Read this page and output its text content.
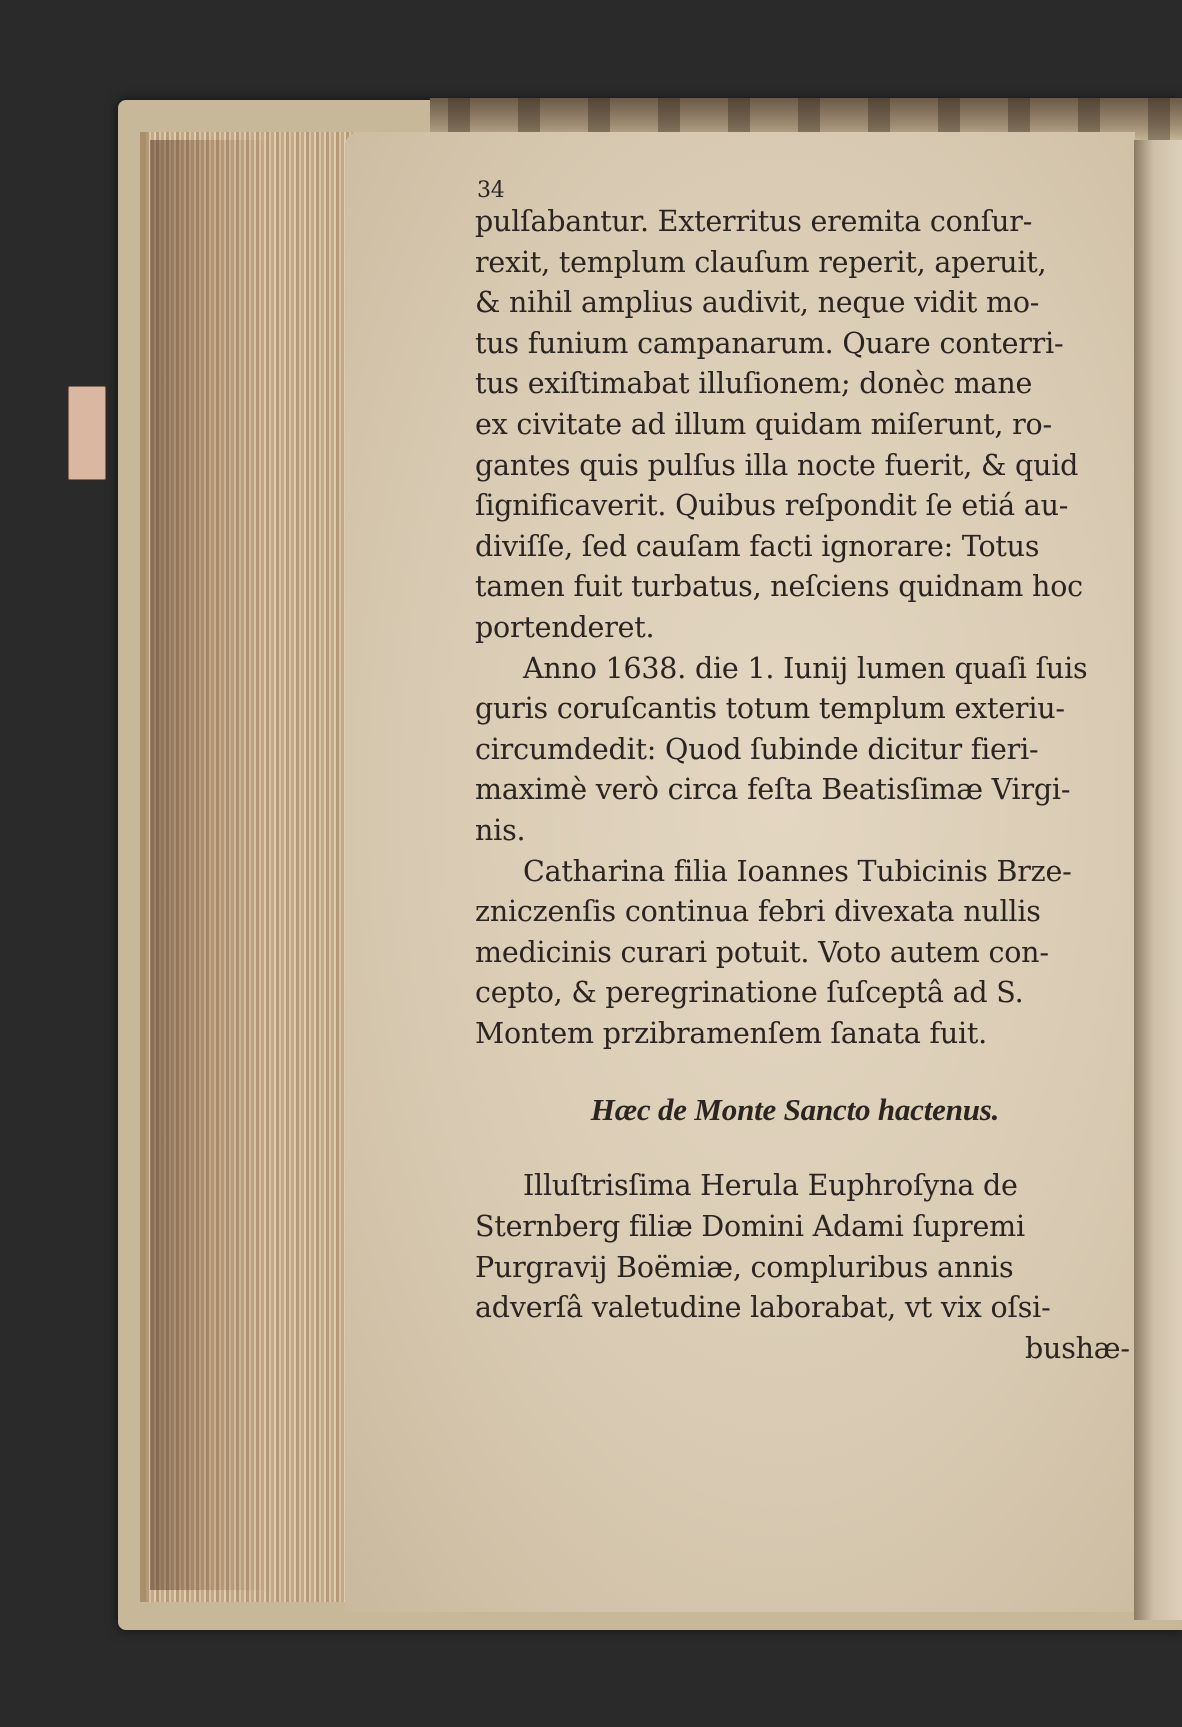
34
pulſabantur. Exterritus eremita conſur-
rexit, templum clauſum reperit, aperuit,
& nihil amplius audivit, neque vidit mo-
tus funium campanarum. Quare conterri-
tus exiſtimabat illuſionem; donèc mane
ex civitate ad illum quidam miſerunt, ro-
gantes quis pulſus illa nocte fuerit, & quid
ſignificaverit. Quibus reſpondit ſe etiá au-
diviſſe, ſed cauſam facti ignorare: Totus
tamen fuit turbatus, neſciens quidnam hoc
portenderet.
Anno 1638. die 1. Iunij lumen quaſi ſuis
guris coruſcantis totum templum exteriu-
circumdedit: Quod ſubinde dicitur fieri-
maximè verò circa feſta Beatisſimæ Virgi-
nis.
Catharina filia Ioannes Tubicinis Brze-
zniczenſis continua febri divexata nullis
medicinis curari potuit. Voto autem con-
cepto, & peregrinatione ſuſceptâ ad S.
Montem przibramenſem ſanata fuit.
Hæc de Monte Sancto hactenus.
Illuſtrisſima Herula Euphroſyna de
Sternberg filiæ Domini Adami ſupremi
Purgravij Boëmiæ, compluribus annis
adverſâ valetudine laborabat, vt vix oſsi-
bushæ-
